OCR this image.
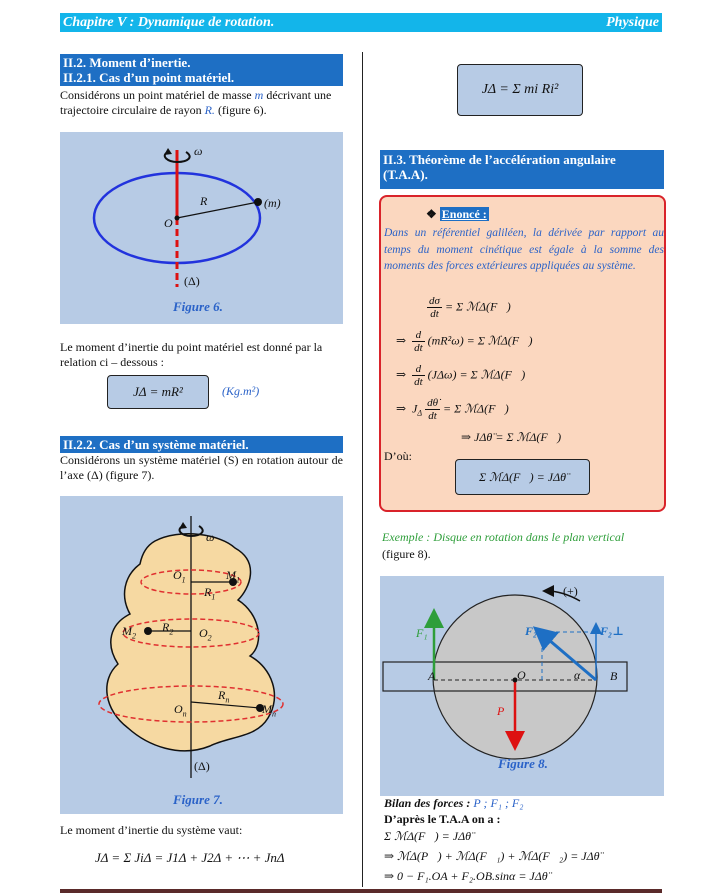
Chapitre V : Dynamique de rotation.	Physique
II.2. Moment d’inertie.
II.2.1. Cas d’un point matériel.
Considérons un point matériel de masse m décrivant une trajectoire circulaire de rayon R. (figure 6).
ω
R	(m)
O
(Δ)
Figure 6.
Le moment d’inertie du point matériel est donné par la relation ci – dessous :
JΔ = mR²	(Kg.m²)
II.2.2. Cas d’un système matériel.
Considérons un système matériel (S) en rotation autour de l’axe (Δ) (figure 7).
ω
$O_1$	$M_1$
$R_1$
$M_2$
$R_2$ $O_2$
$R_n$
$O_n$	$M_n$
(Δ)
Figure 7.
Le moment d’inertie du système vaut:
JΔ = Σ JiΔ = J1Δ + J2Δ + ⋯ + JnΔ
JΔ = Σ mi Ri²
II.3. Théorème de l’accélération angulaire (T.A.A).
❖ Enoncé :
Dans un référentiel galiléen, la dérivée par rapport au temps du moment cinétique est égale à la somme des moments des forces extérieures appliquées au système.
$\frac{d\sigma}{dt} = \Sigma$ ℳΔ(F⃗)
⇒ $\frac{d}{dt} (mR^2\omega) = \Sigma$ ℳΔ(F⃗)
⇒ $\frac{d}{dt} (J\Delta\omega) = \Sigma$ ℳΔ(F⃗)
⇒  $J_\Delta \frac{d\thetȧ}{dt} = \Sigma$ ℳΔ(F⃗)
⇒ JΔθ̈ = Σ ℳΔ(F⃗)
D’où:
Σ ℳΔ(F⃗) = JΔθ̈
Exemple : Disque en rotation dans le plan vertical
(figure 8).
(+)
F₁	F₂	F₂⊥
A	O	α B
P
Figure 8.
Bilan des forces : P ; F₁ ; F₂
D’après le T.A.A on a :
Σ ℳΔ(F⃗) = JΔθ̈
⇒ ℳΔ(P⃗) + ℳΔ(F⃗₁) + ℳΔ(F⃗₂) = JΔθ̈
⇒ 0 − F₁.OA + F₂.OB.sinα = JΔθ̈
